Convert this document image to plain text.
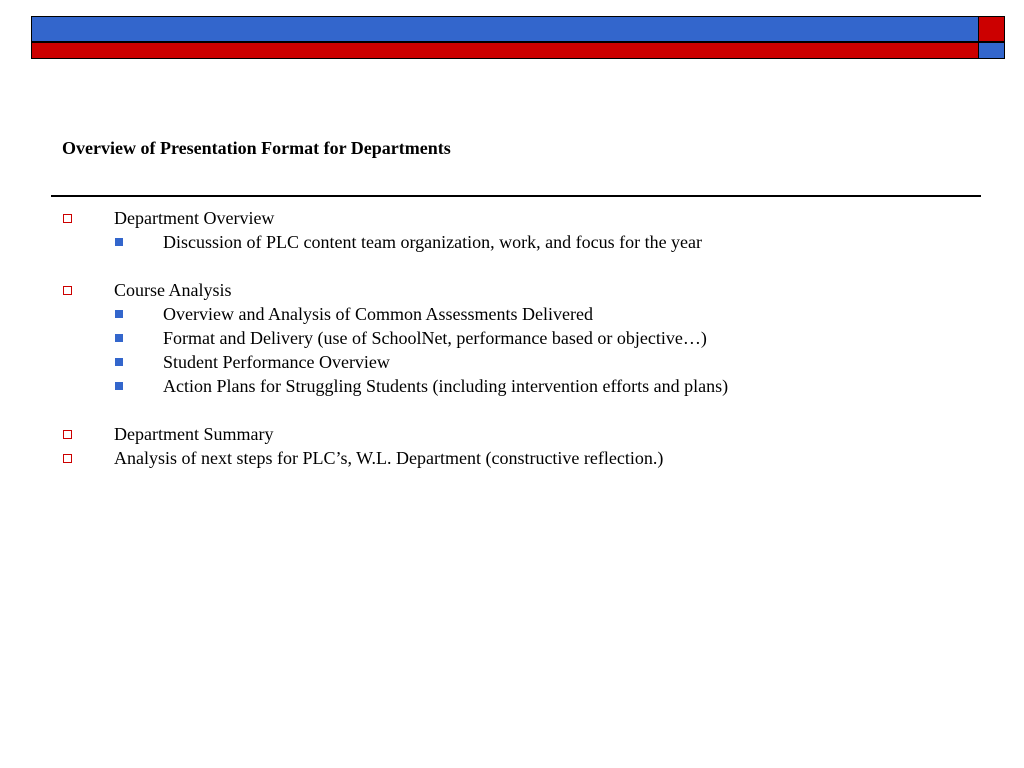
Overview of Presentation Format for Departments
Department Overview
Discussion of PLC content team organization, work, and focus for the year
Course Analysis
Overview and Analysis of Common Assessments Delivered
Format and Delivery (use of SchoolNet, performance based or objective…)
Student Performance Overview
Action Plans for Struggling Students (including intervention efforts and plans)
Department Summary
Analysis of next steps for PLC’s, W.L. Department (constructive reflection.)
